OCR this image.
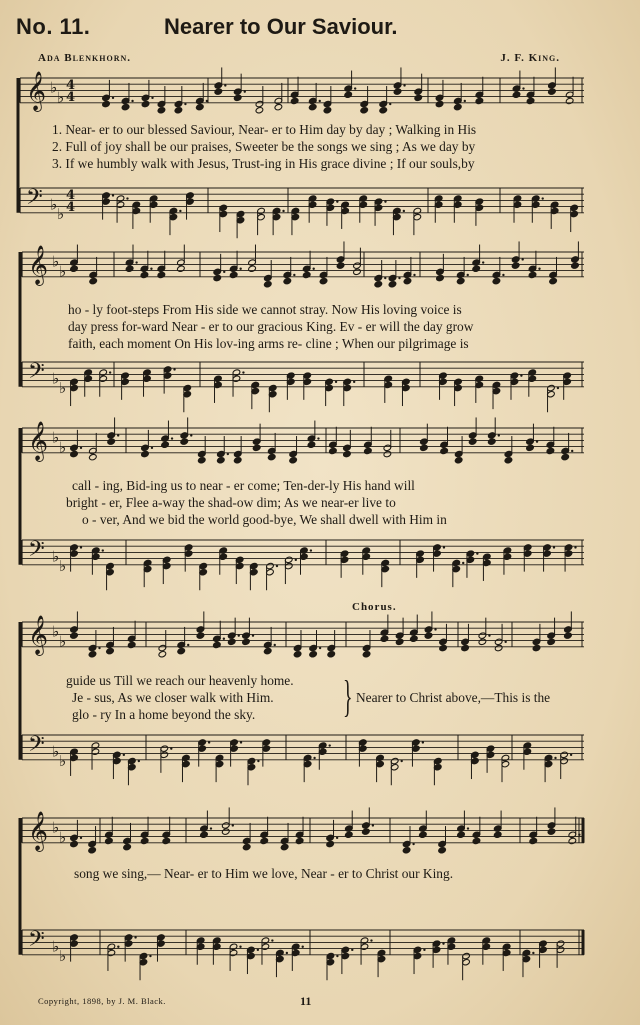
No. 11.	Nearer to Our Saviour.
Ada Blenkhorn.	J. F. King.
𝄞 ♭
♭
4
4
𝄢 ♭
♭
4
4
𝄞 ♭
♭
𝄢 ♭
♭
𝄞 ♭
♭
𝄢 ♭
♭
𝄞 ♭
♭
𝄢 ♭
♭
𝄞 ♭
♭
𝄢 ♭
♭
1. Near- er to our blessed Saviour, Near- er to Him day by day ; Walking in His
2. Full of joy shall be our praises, Sweeter be the songs we sing ; As we day by
3. If we humbly walk with Jesus, Trust-ing in His grace divine ; If our souls,by
ho - ly foot-steps From His side we cannot stray. Now His loving voice is
day press for-ward Near - er to our gracious King. Ev - er will the day grow
faith, each moment On His lov-ing arms re- cline ; When our pilgrimage is
call - ing, Bid-ing us to near - er come; Ten-der-ly His hand will
bright - er, Flee a-way the shad-ow dim; As we near-er live to
o - ver, And we bid the world good-bye, We shall dwell with Him in
Chorus.
guide us Till we reach our heavenly home.
Je - sus, As we closer walk with Him.
glo - ry In a home beyond the sky. } Nearer to Christ above,—This is the
song we sing,— Near- er to Him we love, Near - er to Christ our King.
Copyright, 1898, by J. M. Black.	11
